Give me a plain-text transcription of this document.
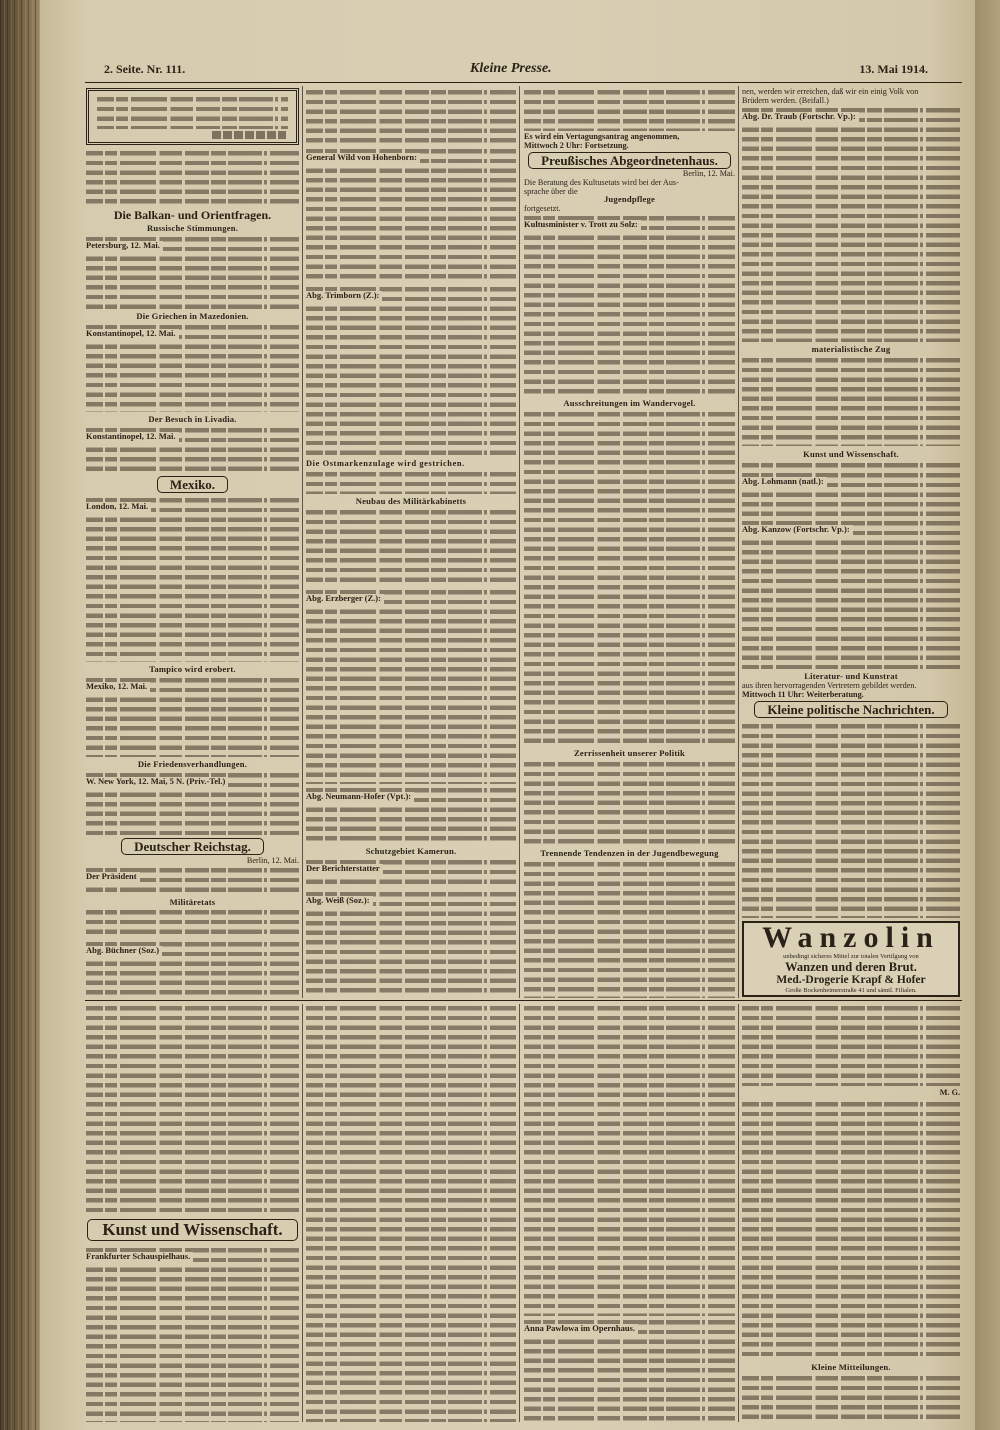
2. Seite. Nr. 111.	Kleine Presse.	13. Mai 1914.
Die Balkan- und Orientfragen.
Russische Stimmungen.
Petersburg, 12. Mai.
Die Griechen in Mazedonien.
Konstantinopel, 12. Mai.
Der Besuch in Livadia.
Konstantinopel, 12. Mai.
Mexiko.
London, 12. Mai.
Tampico wird erobert.
Mexiko, 12. Mai.
Die Friedensverhandlungen.
W. New York, 12. Mai, 5 N. (Priv.-Tel.)
Deutscher Reichstag.
Berlin, 12. Mai.
Der Präsident
Militäretats
Abg. Büchner (Soz.)
General Wild von Hohenborn:
Abg. Trimborn (Z.):
Die Ostmarkenzulage wird gestrichen.
Neubau des Militärkabinetts
Abg. Erzberger (Z.):
Abg. Neumann-Hofer (Vpt.):
Schutzgebiet Kamerun.
Der Berichterstatter
Abg. Weiß (Soz.):
Es wird ein Vertagungsantrag angenommen,
Mittwoch 2 Uhr: Fortsetzung.
Preußisches Abgeordnetenhaus.
Berlin, 12. Mai.
Die Beratung des Kultusetats wird bei der Aus-
sprache über die
Jugendpflege
fortgesetzt.
Kultusminister v. Trott zu Solz:
Ausschreitungen im Wandervogel.
Zerrissenheit unserer Politik
Trennende Tendenzen in der Jugendbewegung
nen, werden wir erreichen, daß wir ein einig Volk von
Brüdern werden. (Beifall.)
Abg. Dr. Traub (Fortschr. Vp.):
materialistische Zug
Kunst und Wissenschaft.
Abg. Lohmann (natl.):
Abg. Kanzow (Fortschr. Vp.):
Literatur- und Kunstrat
aus ihren hervorragenden Vertretern gebildet werden.
Mittwoch 11 Uhr: Weiterberatung.
Kleine politische Nachrichten.
Wanzolin
unbedingt sicheres Mittel zur totalen Vertilgung von
Wanzen und deren Brut.
Med.-Drogerie Krapf & Hofer
Große Bockenheimerstraße 41 und sämtl. Filialen.
Kunst und Wissenschaft.
Frankfurter Schauspielhaus.
Anna Pawlowa im Opernhaus.
M. G.
Kleine Mitteilungen.
